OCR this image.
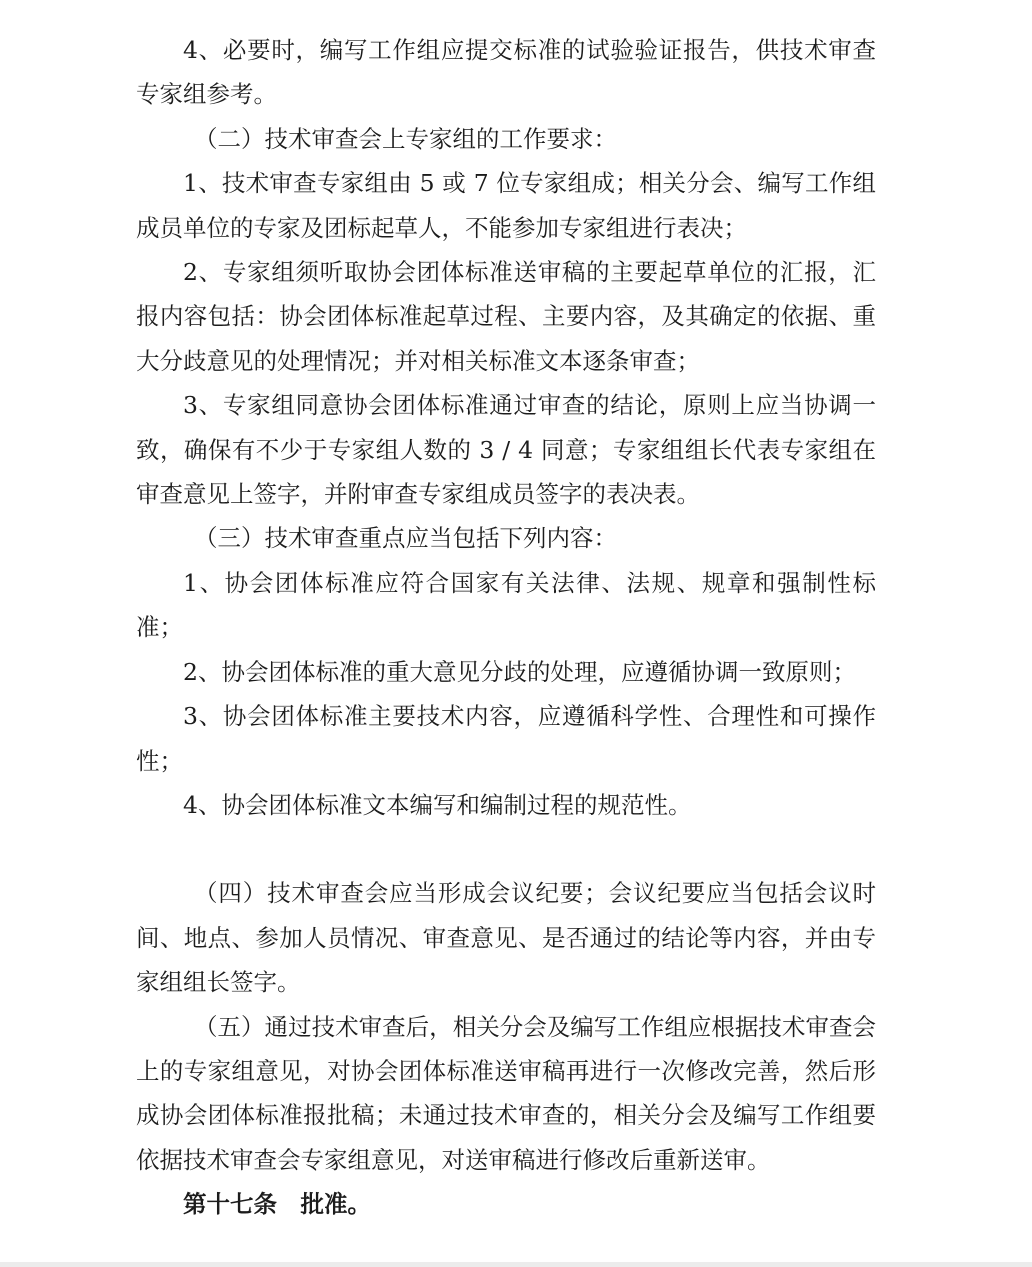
4、必要时，编写工作组应提交标准的试验验证报告，供技术审查专家组参考。

（二）技术审查会上专家组的工作要求：

1、技术审查专家组由 5 或 7 位专家组成；相关分会、编写工作组成员单位的专家及团标起草人，不能参加专家组进行表决；

2、专家组须听取协会团体标准送审稿的主要起草单位的汇报，汇报内容包括：协会团体标准起草过程、主要内容，及其确定的依据、重大分歧意见的处理情况；并对相关标准文本逐条审查；

3、专家组同意协会团体标准通过审查的结论，原则上应当协调一致，确保有不少于专家组人数的 3 / 4 同意；专家组组长代表专家组在审查意见上签字，并附审查专家组成员签字的表决表。

（三）技术审查重点应当包括下列内容：

1、协会团体标准应符合国家有关法律、法规、规章和强制性标准；

2、协会团体标准的重大意见分歧的处理，应遵循协调一致原则；

3、协会团体标准主要技术内容，应遵循科学性、合理性和可操作性；

4、协会团体标准文本编写和编制过程的规范性。

（四）技术审查会应当形成会议纪要；会议纪要应当包括会议时间、地点、参加人员情况、审查意见、是否通过的结论等内容，并由专家组组长签字。

（五）通过技术审查后，相关分会及编写工作组应根据技术审查会上的专家组意见，对协会团体标准送审稿再进行一次修改完善，然后形成协会团体标准报批稿；未通过技术审查的，相关分会及编写工作组要依据技术审查会专家组意见，对送审稿进行修改后重新送审。

第十七条　批准。
